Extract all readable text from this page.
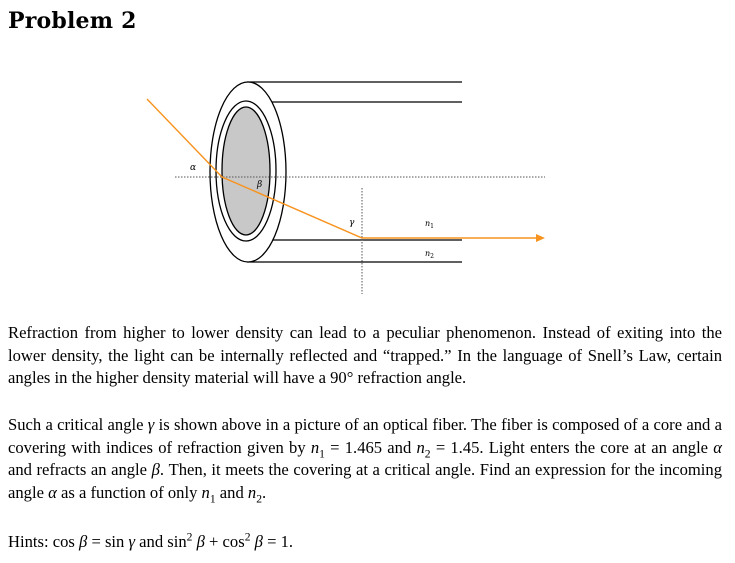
Problem 2
α
β
γ	$n_1$
$n_2$

Refraction from higher to lower density can lead to a peculiar phenomenon. Instead of exiting into the lower density, the light can be internally reflected and “trapped.” In the language of Snell’s Law, certain angles in the higher density material will have a 90° refraction angle.

Such a critical angle γ is shown above in a picture of an optical fiber. The fiber is composed of a core and a covering with indices of refraction given by $n_1 = 1.465$ and $n_2 = 1.45$. Light enters the core at an angle α and refracts an angle β. Then, it meets the covering at a critical angle. Find an expression for the incoming angle α as a function of only $n_1$ and $n_2$.

Hints: cos β = sin γ and $\sin^2 \beta + \cos^2 \beta = 1$.
